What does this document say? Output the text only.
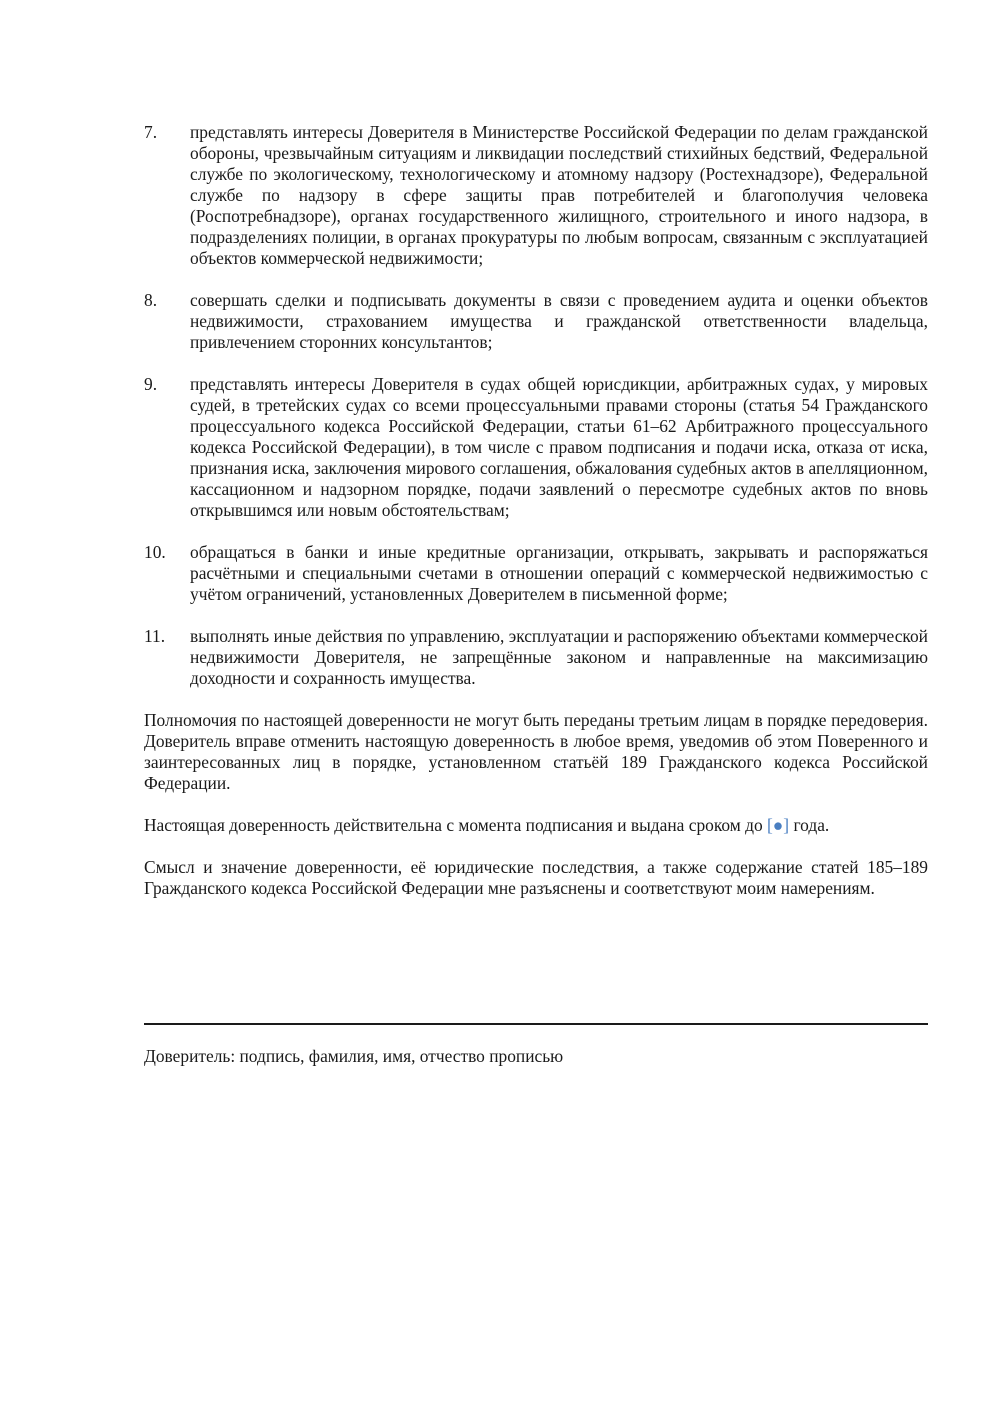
7. представлять интересы Доверителя в Министерстве Российской Федерации по делам гражданской обороны, чрезвычайным ситуациям и ликвидации последствий стихийных бедствий, Федеральной службе по экологическому, технологическому и атомному надзору (Ростехнадзоре), Федеральной службе по надзору в сфере защиты прав потребителей и благополучия человека (Роспотребнадзоре), органах государственного жилищного, строительного и иного надзора, в подразделениях полиции, в органах прокуратуры по любым вопросам, связанным с эксплуатацией объектов коммерческой недвижимости;
8. совершать сделки и подписывать документы в связи с проведением аудита и оценки объектов недвижимости, страхованием имущества и гражданской ответственности владельца, привлечением сторонних консультантов;
9. представлять интересы Доверителя в судах общей юрисдикции, арбитражных судах, у мировых судей, в третейских судах со всеми процессуальными правами стороны (статья 54 Гражданского процессуального кодекса Российской Федерации, статьи 61–62 Арбитражного процессуального кодекса Российской Федерации), в том числе с правом подписания и подачи иска, отказа от иска, признания иска, заключения мирового соглашения, обжалования судебных актов в апелляционном, кассационном и надзорном порядке, подачи заявлений о пересмотре судебных актов по вновь открывшимся или новым обстоятельствам;
10. обращаться в банки и иные кредитные организации, открывать, закрывать и распоряжаться расчётными и специальными счетами в отношении операций с коммерческой недвижимостью с учётом ограничений, установленных Доверителем в письменной форме;
11. выполнять иные действия по управлению, эксплуатации и распоряжению объектами коммерческой недвижимости Доверителя, не запрещённые законом и направленные на максимизацию доходности и сохранность имущества.

Полномочия по настоящей доверенности не могут быть переданы третьим лицам в порядке передоверия. Доверитель вправе отменить настоящую доверенность в любое время, уведомив об этом Поверенного и заинтересованных лиц в порядке, установленном статьёй 189 Гражданского кодекса Российской Федерации.

Настоящая доверенность действительна с момента подписания и выдана сроком до [●] года.

Смысл и значение доверенности, её юридические последствия, а также содержание статей 185–189 Гражданского кодекса Российской Федерации мне разъяснены и соответствуют моим намерениям.

Доверитель: подпись, фамилия, имя, отчество прописью
